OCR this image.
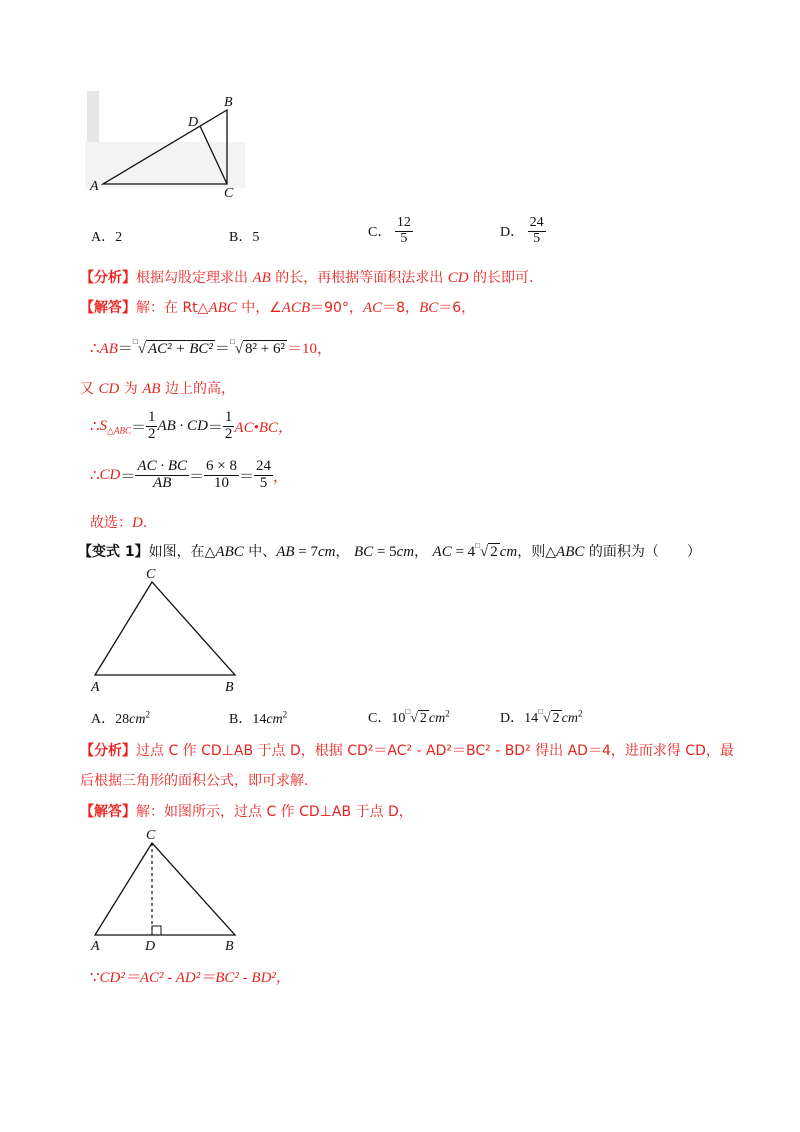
A
B
C
D
A．2	B．5	C． $\frac{12}{5}$	D． $\frac{24}{5}$
【分析】根据勾股定理求出 AB 的长，再根据等面积法求出 CD 的长即可.
【解答】解：在 Rt△ABC 中，∠ACB＝90°，AC＝8，BC＝6，
∴AB＝□√ AC² + BC² ＝□√ 8² + 6² ＝10，
又 CD 为 AB 边上的高，
$\therefore S_{\triangle ABC}= \frac{1}{2}$ AB · $CD= \frac{1}{2}$ AC•BC，
∴CD＝ $\frac{AC \cdot BC}{AB} = \frac{6 \times 8}{10} = \frac{24}{5}$ ，
故选：D.
【变式 1】如图，在△ABC 中、AB = 7cm， BC = 5cm， AC = 4□√ 2 cm，则△ABC 的面积为（　　）
A	B
C
A．$28cm^2$	B．$14cm^2$	C．10□√ 2 $cm^2$	D．14□√ 2 $cm^2$
【分析】过点 C 作 CD⊥AB 于点 D，根据 CD²＝AC² - AD²＝BC² - BD² 得出 AD＝4，进而求得 CD，最
后根据三角形的面积公式，即可求解.
【解答】解：如图所示，过点 C 作 CD⊥AB 于点 D，
A	B
C
D
∵CD²＝AC² - AD²＝BC² - BD²，
